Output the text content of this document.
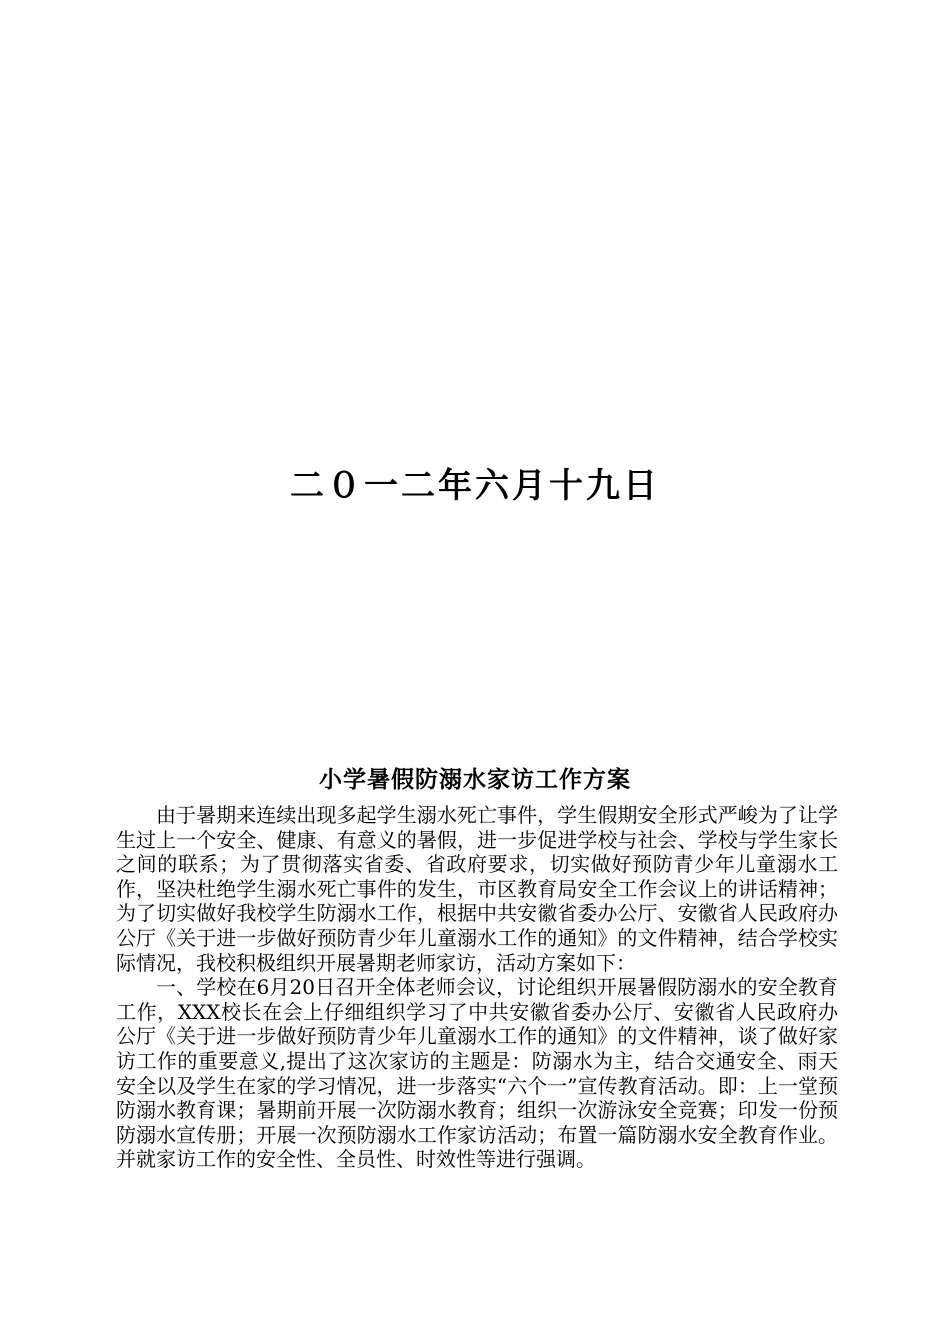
二０一二年六月十九日
小学暑假防溺水家访工作方案

由于暑期来连续出现多起学生溺水死亡事件，学生假期安全形式严峻为了让学生过上一个安全、健康、有意义的暑假，进一步促进学校与社会、学校与学生家长之间的联系；为了贯彻落实省委、省政府要求，切实做好预防青少年儿童溺水工作，坚决杜绝学生溺水死亡事件的发生，市区教育局安全工作会议上的讲话精神；为了切实做好我校学生防溺水工作，根据中共安徽省委办公厅、安徽省人民政府办公厅《关于进一步做好预防青少年儿童溺水工作的通知》的文件精神，结合学校实际情况，我校积极组织开展暑期老师家访，活动方案如下：

一、学校在6月20日召开全体老师会议，讨论组织开展暑假防溺水的安全教育工作，XXX校长在会上仔细组织学习了中共安徽省委办公厅、安徽省人民政府办公厅《关于进一步做好预防青少年儿童溺水工作的通知》的文件精神，谈了做好家访工作的重要意义,提出了这次家访的主题是：防溺水为主，结合交通安全、雨天安全以及学生在家的学习情况，进一步落实“六个一”宣传教育活动。即：上一堂预防溺水教育课；暑期前开展一次防溺水教育；组织一次游泳安全竞赛；印发一份预防溺水宣传册；开展一次预防溺水工作家访活动；布置一篇防溺水安全教育作业。并就家访工作的安全性、全员性、时效性等进行强调。
